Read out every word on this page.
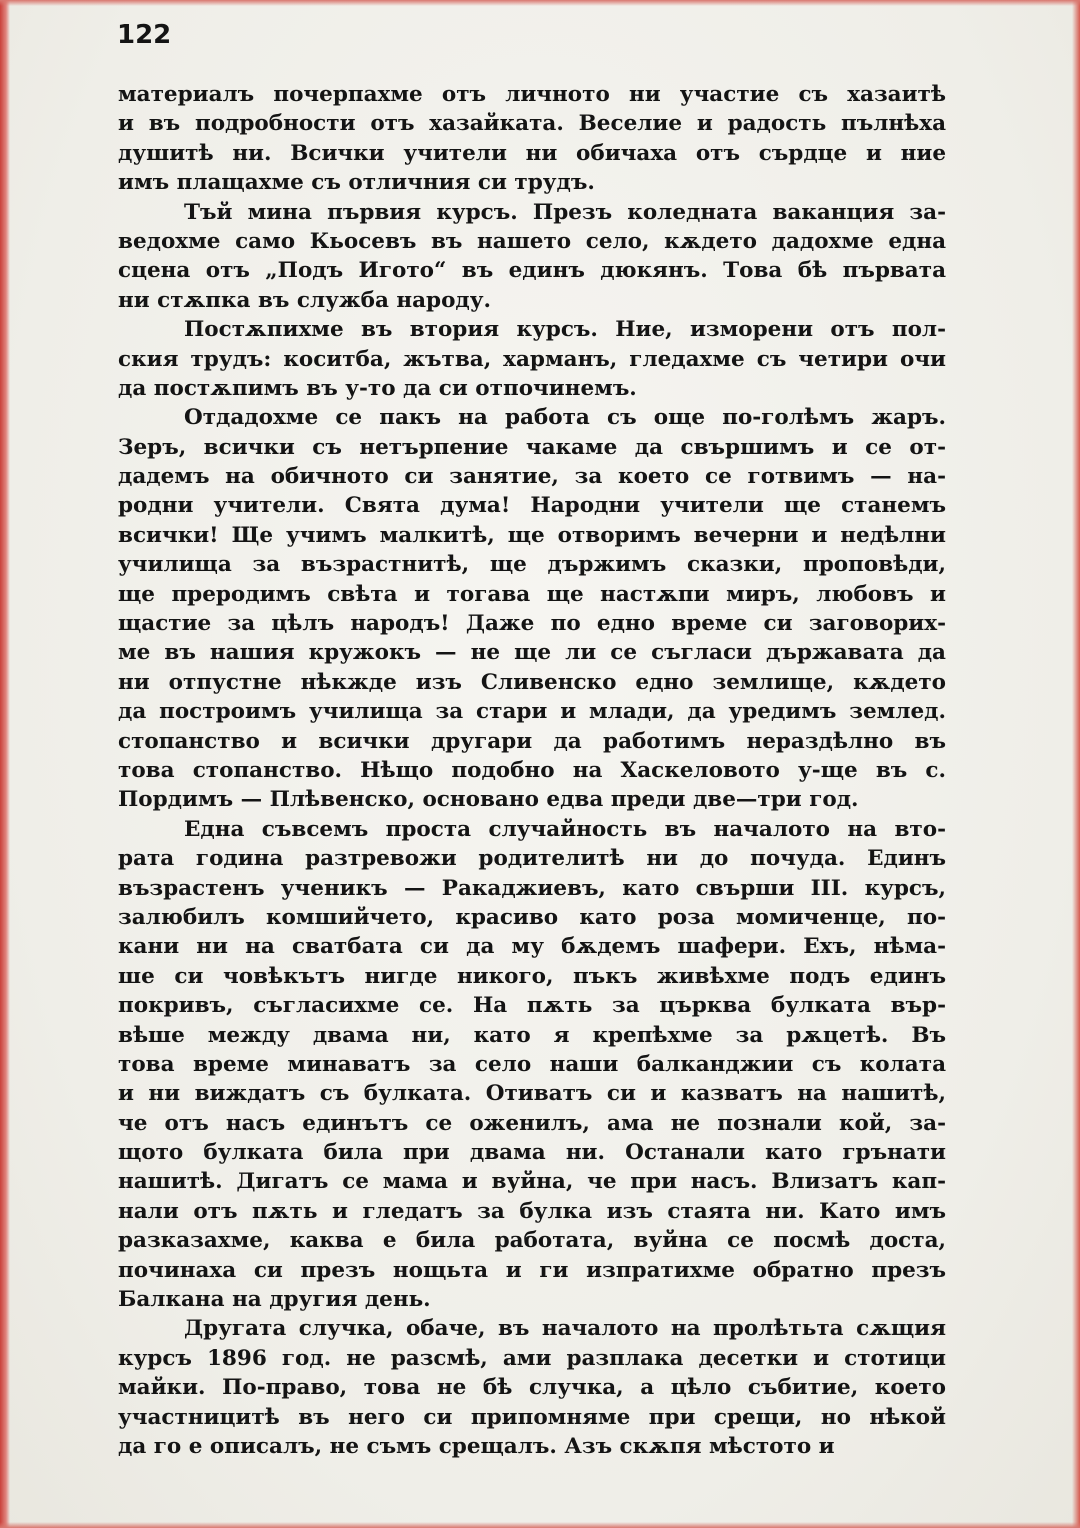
122
материалъ почерпахме отъ личното ни участие съ хазаитѣ
и въ подробности отъ хазайката. Веселие и радость пълнѣха
душитѣ ни. Всички учители ни обичаха отъ сърдце и ние
имъ плащахме съ отличния си трудъ.
Тъй мина първия курсъ. Презъ коледната ваканция за-
ведохме само Кьосевъ въ нашето село, кѫдето дадохме една
сцена отъ „Подъ Игото“ въ единъ дюкянъ. Това бѣ първата
ни стѫпка въ служба народу.
Постѫпихме въ втория курсъ. Ние, изморени отъ пол-
ския трудъ: коситба, жътва, харманъ, гледахме съ четири очи
да постѫпимъ въ у-то да си отпочинемъ.
Отдадохме се пакъ на работа съ още по-голѣмъ жаръ.
Зеръ, всички съ нетърпение чакаме да свършимъ и се от-
дадемъ на обичното си занятие, за което се готвимъ — на-
родни учители. Свята дума! Народни учители ще станемъ
всички! Ще учимъ малкитѣ, ще отворимъ вечерни и недѣлни
училища за възрастнитѣ, ще държимъ сказки, проповѣди,
ще преродимъ свѣта и тогава ще настѫпи миръ, любовъ и
щастие за цѣлъ народъ! Даже по едно време си заговорих-
ме въ нашия кружокъ — не ще ли се съгласи държавата да
ни отпустне нѣкжде изъ Сливенско едно землище, кѫдето
да построимъ училища за стари и млади, да уредимъ землед.
стопанство и всички другари да работимъ нераздѣлно въ
това стопанство. Нѣщо подобно на Хаскеловото у-ще въ с.
Пордимъ — Плѣвенско, основано едва преди две—три год.
Една съвсемъ проста случайность въ началото на вто-
рата година разтревожи родителитѣ ни до почуда. Единъ
възрастенъ ученикъ — Ракаджиевъ, като свърши III. курсъ,
залюбилъ комшийчето, красиво като роза момиченце, по-
кани ни на сватбата си да му бѫдемъ шафери. Ехъ, нѣма-
ше си човѣкътъ нигде никого, пъкъ живѣхме подъ единъ
покривъ, съгласихме се. На пѫть за църква булката вър-
вѣше между двама ни, като я крепѣхме за рѫцетѣ. Въ
това време минаватъ за село наши балканджии съ колата
и ни виждатъ съ булката. Отиватъ си и казватъ на нашитѣ,
че отъ насъ единътъ се оженилъ, ама не познали кой, за-
щото булката била при двама ни. Останали като грънати
нашитѣ. Дигатъ се мама и вуйна, че при насъ. Влизатъ кап-
нали отъ пѫть и гледатъ за булка изъ стаята ни. Като имъ
разказахме, каква е била работата, вуйна се посмѣ доста,
починаха си презъ нощьта и ги изпратихме обратно презъ
Балкана на другия день.
Другата случка, обаче, въ началото на пролѣтьта сѫщия
курсъ 1896 год. не разсмѣ, ами разплака десетки и стотици
майки. По-право, това не бѣ случка, а цѣло събитие, което
участницитѣ въ него си припомняме при срещи, но нѣкой
да го е описалъ, не съмъ срещалъ. Азъ скѫпя мѣстото и
